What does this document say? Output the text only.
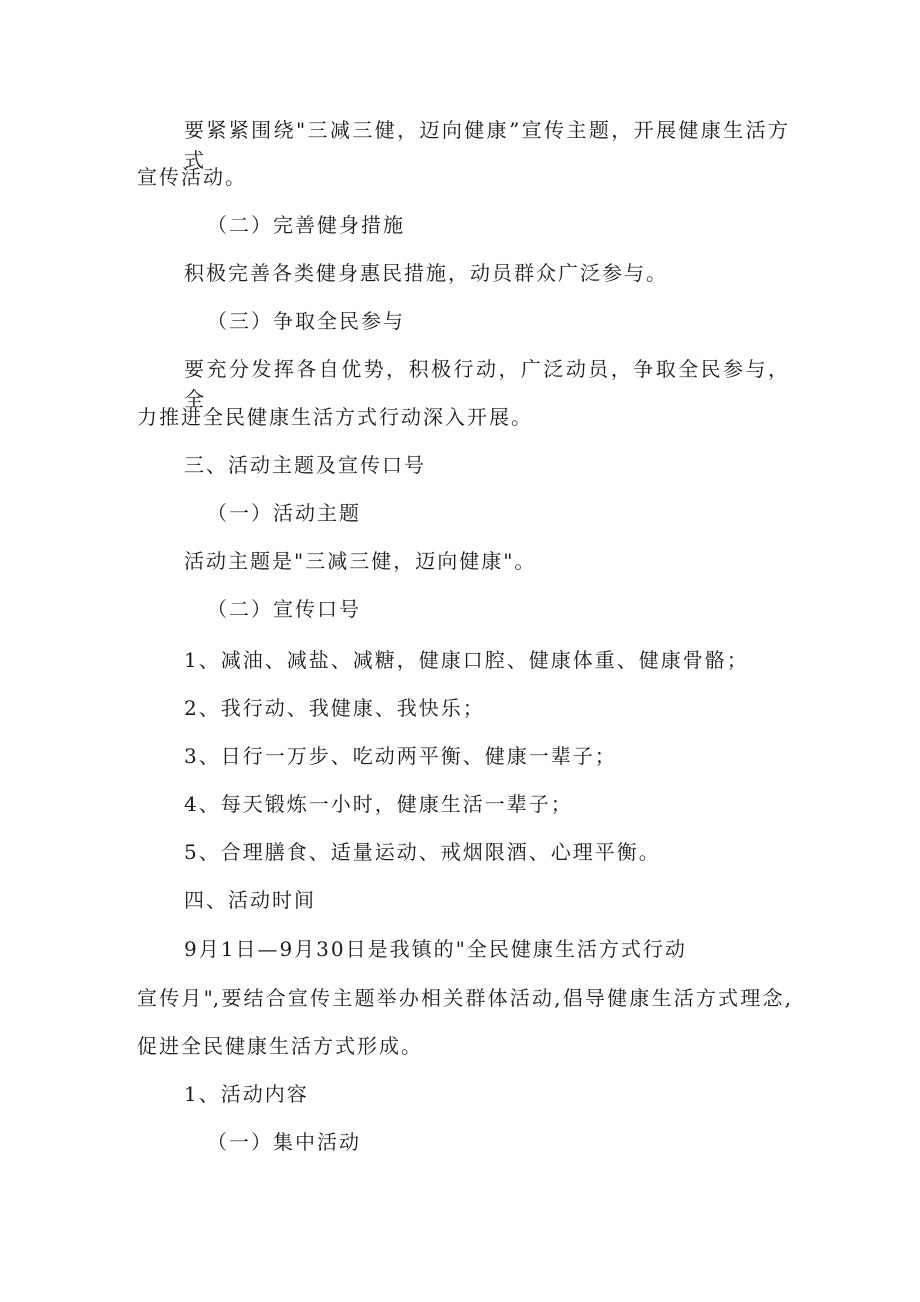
要紧紧围绕"三减三健，迈向健康”宣传主题，开展健康生活方式
宣传活动。
（二）完善健身措施
积极完善各类健身惠民措施，动员群众广泛参与。
（三）争取全民参与
要充分发挥各自优势，积极行动，广泛动员，争取全民参与，全
力推进全民健康生活方式行动深入开展。
三、活动主题及宣传口号
（一）活动主题
活动主题是"三减三健，迈向健康"。
（二）宣传口号
1、减油、减盐、减糖，健康口腔、健康体重、健康骨骼；
2、我行动、我健康、我快乐；
3、日行一万步、吃动两平衡、健康一辈子；
4、每天锻炼一小时，健康生活一辈子；
5、合理膳食、适量运动、戒烟限酒、心理平衡。
四、活动时间
9月1日—9月30日是我镇的"全民健康生活方式行动
宣传月",要结合宣传主题举办相关群体活动,倡导健康生活方式理念,
促进全民健康生活方式形成。
1、活动内容
（一）集中活动
